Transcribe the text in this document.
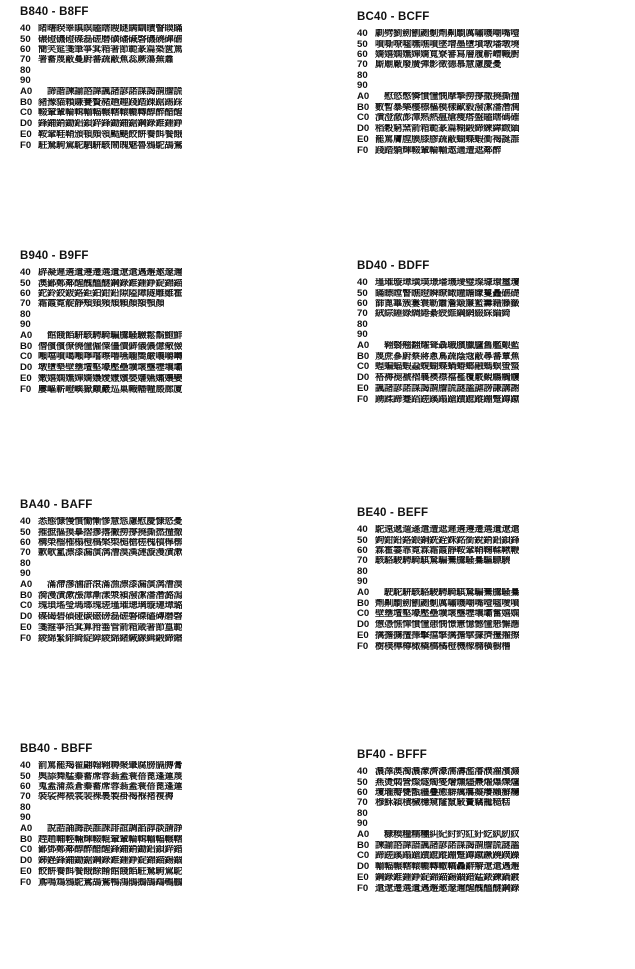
B840 - B8FF
40 睹曙睽睾瞋瞑瞌瞎瞍瞇瞒瞓瞔瞖瞙瞞
50 碾磴磯磴碟磊磋磨磺磻碱磬磯磽磾礁
60 簡笑筵箋筆箏箕箱箸節範篆篇築篋篤
70 署蓄蔑蔽蔓蔚蕃蔬蔽蕉蕊蕨蕩蕪蕭
80
90
A0 　諦諧諫諭諮諱諷諸諺諾謀謁謂謄謊
B0 豬豫貓賴賺賽贅赭趟趣踐踏踝踞踢踩
C0 輟輦輩輪輯輸輻輾轄轅轆轉醇醉醋醒
D0 鋒鋪銷鋤鋁鋇鋅鋒鋤鋪鋸鋼錄錐錘錚
E0 鞍鞏鞋鞘頒頓頗領颳颶餃餅養餌餐餓
F0 駐駑駒駕駝駟駢駭鬧魄魅魯鴉鴕鴣鴦
BC40 - BCFF
40 劇劈劉劍劊劌劐劑劓劘厲嘯嘰嘲嘴噎
50 噴嘶嘹噓嘸噍噴墜增墨墮墳墩墦墩墝
60 嬌嬉嫻嫵嬋嬌寬寮審寫層履嶄嶒幟廚
70 廝廟廠廢廣彈影徵德慕慧慮慶憂
80
90
A0 　慰慾憋憐憤憧憫摩摯撈撐撒撓撕撞
B0 數暫暴樂樓標樞模樣歐毅潑潔潘潛潤
C0 潰澄澈澎潭熟熱瘟瘡瘦瘩盤瞌瞎碼確
D0 稻穀窮窯箭箱範篆篇糊緞締練緯緻緬
E0 罷罵膚膛膜膝膠蔬蔽蝴蝶蝦衝褐誕誰
F0 踐踏躺輝輟輩輪輸遨適遭遮鄰醉
B940 - B9FF
40 辟凝遲遴遺遵遷選遺遼還邁邂邀邃邇
50 澳鄙鄭鄰醒醜醞醚鋼錄錐錘錚錠錦錨
60 鉈鈴鉸鈸鉻鉅鉑鉗鉛隙隘障隧雕雖霍
70 霜霞霓靛靜頰頸頻頹顆顏額顎顏
80
90
A0 　館餞餡駢駭騁騎騙騰騷驗鬆鬍鮑鮮
B0 僧儐儐僚僥僮僱僳僵價僻儀儂億儆儉
C0 噸噹噴噶噸嚀嚐嚓嚕嚥嚨嚮嚴嚷嚼囀
D0 墩墮墾壁壅壇壑壕壓壘壙壞壟壢壤壩
E0 嫩嬉嫻嫵嬋嬌嬝嬡嬤嬪嬰嬸嬿孀孃孌
F0 屢嶇嶄嶝嶼嶽巔巖巡巢幟幡幢廄廊廈
BD40 - BDFF
40 瑾璀璇璋璜璞璟璠璣璦璧璨璩環璽瓊
50 瞞瞟瞠瞥瞧瞪瞬瞭瞰瞳瞻矇矍矗礁礎
60 篩篦篳簇簍簑簕簫簷簸簾籃籌籍籐籤
70 絨綜綞綠綢綣綦綬維綱網綴綵綸綺
80
90
A0 　翱翳翹翻耀聳聶職臏臘臚舊艦艱藍
B0 蔑蔗蔘蔚蔡蔣蔥蔦蔬蔭蔻蔽蕁蕃蕈蕉
C0 蝗蝙蝠蝦蝨蝮蝴蝶蝸蝽螂融螞螟螢螫
D0 褡褥褪褫褶襄襖襟襠襤覆覈覲觴觸觼
E0 諷諸諺諾謀謁謂謄謊謎謐謔謗謙講謝
F0 踴蹂蹄蹇蹈蹉蹊蹋蹌蹟蹠蹤蹦蹩蹲蹴
BA40 - BAFF
40 悉態慷慢慣慟慚慘慧慫慮慰慶慷慾憂
50 摧摭摳摸摹摺摻撂撇撈撐撓撕撚撞撤
60 構榮榴榷榻榿槁槃槊槌槍槎槐槓槔槨
70 歉歌氳漂漆漏演漓漕漠漢漣漩漫漬漱
80
90
A0 　滿滯滲滷滸滾滿漁漂漆漏演漓漕漠
B0 漪漫漬漱漲漳漸漾漿潁潑潔潘潛潞潟
C0 瑰瑣瑤瑩瑪瑯瑰瑳瑾璀璁璃璇璉璋璐
D0 碟碣碧碩碰碳磁磅磊磋磐磔磕磚磨磬
E0 箋箍箏箔箕算箝箠管箭箱箴箸節篁範
F0 綾綿緊緋綺綻綽綾綿緒緘線緝緞締緡
BE40 - BEFF
40 鴕遠遞遛遜遣遭遮遲遴遵遷選遺遼還
50 鉤鉗鉛鉻銀銅銑銓銖銘銜銳銷鋁鋇鋒
60 霖霍霎霏霓霖霜霞靜鞍鞏鞘鞠鞣鞦鞭
70 駭駱駿騁騎騏騖騙騫騰騷驀驅驃驍
80
90
A0 　駛駝駢駭駱駿騁騎騏騖騙騫騰騷驀
B0 劑劓劘劍劊劌劐厲嘯嘰嘲嘴噎噓噯噴
C0 壁壅壇壑壕壓壘壙壞壟壢壤壩奮嬉嫻
D0 憊憑憔憚憤憧憩憫憬憲憶憾懂懇懈應
E0 擒擔擄擅擇擊擋擎擒擔擘據擠擡擢擦
F0 樹樸樺樽橄橇橋橘橙機橡橢橫橱橹
BB40 - BBFF
40 罰罵罷羯翟翩翰翱耨聚肇腐膀膈膊膏
50 舆舔舞艋蓁蓄蓆蓉蓊蓋蓑蓓蓖蓬蓮蔑
60 蒐蓋蒲蒸蒼蓁蓄蓆蓉蓊蓋蓑蓓蓖蓬蓮
70 裝裟裨裱裳裴裸裹製褂褐褓褚複褥
80
90
A0 　說誥誦誨誤誰課誹誼調諂諄談請諍
B0 趕趙輔輕輛輝輟輥輦輩輪輯輸輻輾轄
C0 鄙鄧鄭鄰醇醉醋醒鋒鋪銷鋤鋁鋇鋅錯
D0 銻銼鋒鋪鋤鋸鋼錄錐錘錚錠錦錨錫錮
E0 餃餅養餌餐餓餘餚館餞餡駐駑駒駕駝
F0 鳶鳴鴆鴉鴕鴛鴣鴦鴨鴻鵑鵝鵠鵡鵪鵬
BF40 - BFFF
40 濃澤澳濁濃濛濟濠濡濤濫濬濮濯濱濺
50 燕燙燜營燦燧燭燮燴燻燼燾燿爆爍爐
60 瓊瓏瓣甕甑疆疊癒癖癘癟癡癢癩癬癮
70 穆穌穎積穢穩窺窿竄竅竇竊籠糙糕
80
90
A0 　糠糢糧糯糰糾紀紂約紅紆紇紈紉紋
B0 諫諭諮諱諳諷諸諺諾謀謁謂謄謊謎謐
C0 蹄蹉蹊蹋蹌蹟蹠蹤蹦蹩蹲蹴蹶蹺蹼躁
D0 輸輻輾轄轅轆轉轍轎轟辭辮遼還邁邂
E0 鋼錄錐錘錚錠錦錨錫錮錯錳錶鍊鍋鍍
F0 還遼遷選遺邁邂邀邃邇醒醜醞醚鋼錄
